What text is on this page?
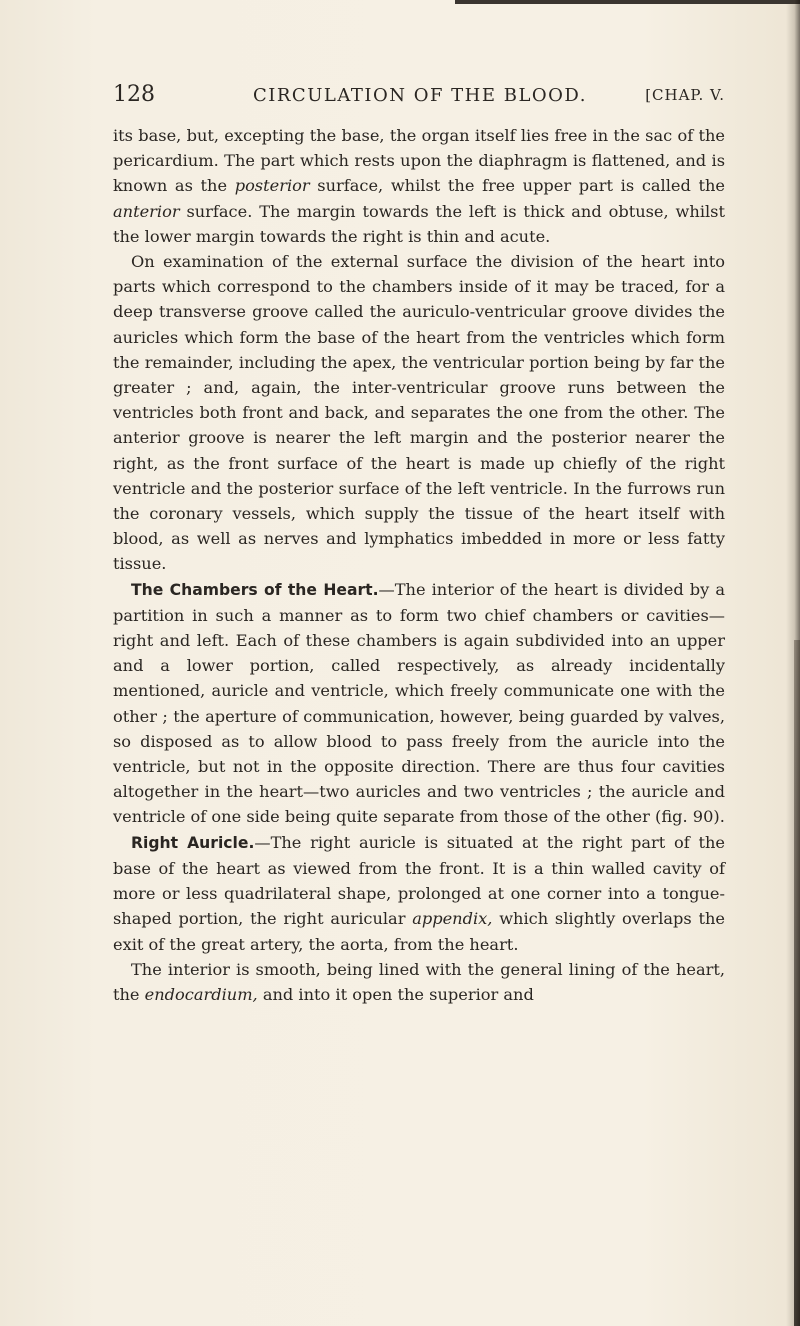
128	CIRCULATION OF THE BLOOD.	[CHAP. V.

its base, but, excepting the base, the organ itself lies free in the sac of the pericardium. The part which rests upon the diaphragm is flattened, and is known as the posterior surface, whilst the free upper part is called the anterior surface. The margin towards the left is thick and obtuse, whilst the lower margin towards the right is thin and acute.

On examination of the external surface the division of the heart into parts which correspond to the chambers inside of it may be traced, for a deep transverse groove called the auriculo-ventricular groove divides the auricles which form the base of the heart from the ventricles which form the remainder, including the apex, the ventricular portion being by far the greater ; and, again, the inter-ventricular groove runs between the ventricles both front and back, and separates the one from the other. The anterior groove is nearer the left margin and the posterior nearer the right, as the front surface of the heart is made up chiefly of the right ventricle and the posterior surface of the left ventricle. In the furrows run the coronary vessels, which supply the tissue of the heart itself with blood, as well as nerves and lymphatics imbedded in more or less fatty tissue.

The Chambers of the Heart.—The interior of the heart is divided by a partition in such a manner as to form two chief chambers or cavities—right and left. Each of these chambers is again subdivided into an upper and a lower portion, called respectively, as already incidentally mentioned, auricle and ventricle, which freely communicate one with the other ; the aperture of communication, however, being guarded by valves, so disposed as to allow blood to pass freely from the auricle into the ventricle, but not in the opposite direction. There are thus four cavities altogether in the heart—two auricles and two ventricles ; the auricle and ventricle of one side being quite separate from those of the other (fig. 90).

Right Auricle.—The right auricle is situated at the right part of the base of the heart as viewed from the front. It is a thin walled cavity of more or less quadrilateral shape, prolonged at one corner into a tongue-shaped portion, the right auricular appendix, which slightly overlaps the exit of the great artery, the aorta, from the heart.

The interior is smooth, being lined with the general lining of the heart, the endocardium, and into it open the superior and
